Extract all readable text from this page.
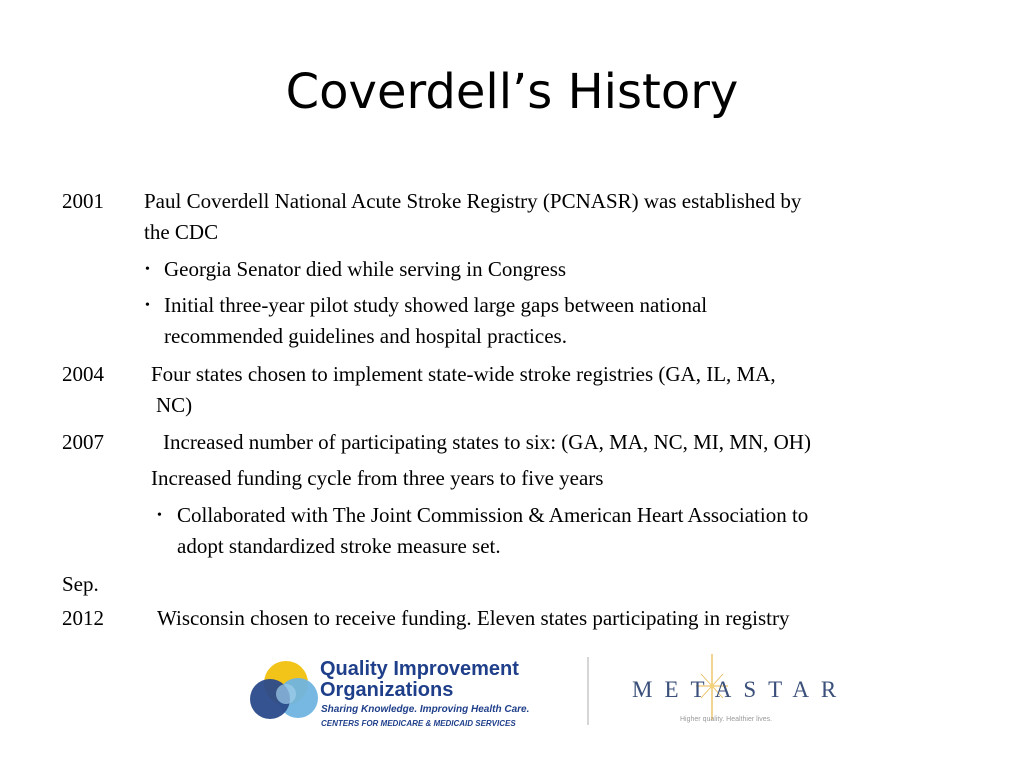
Coverdell’s History
2001 Paul Coverdell National Acute Stroke Registry (PCNASR) was established by
the CDC
• Georgia Senator died while serving in Congress
• Initial three-year pilot study showed large gaps between national
recommended guidelines and hospital practices.
2004 Four states chosen to implement state-wide stroke registries (GA, IL, MA,
NC)
2007	Increased number of participating states to six: (GA, MA, NC, MI, MN, OH)
Increased funding cycle from three years to five years
• Collaborated with The Joint Commission & American Heart Association to
adopt standardized stroke measure set.
Sep.
2012	Wisconsin chosen to receive funding. Eleven states participating in registry
Quality Improvement
Organizations
Sharing Knowledge. Improving Health Care.
CENTERS FOR MEDICARE & MEDICAID SERVICES
METASTAR
Higher quality. Healthier lives.
